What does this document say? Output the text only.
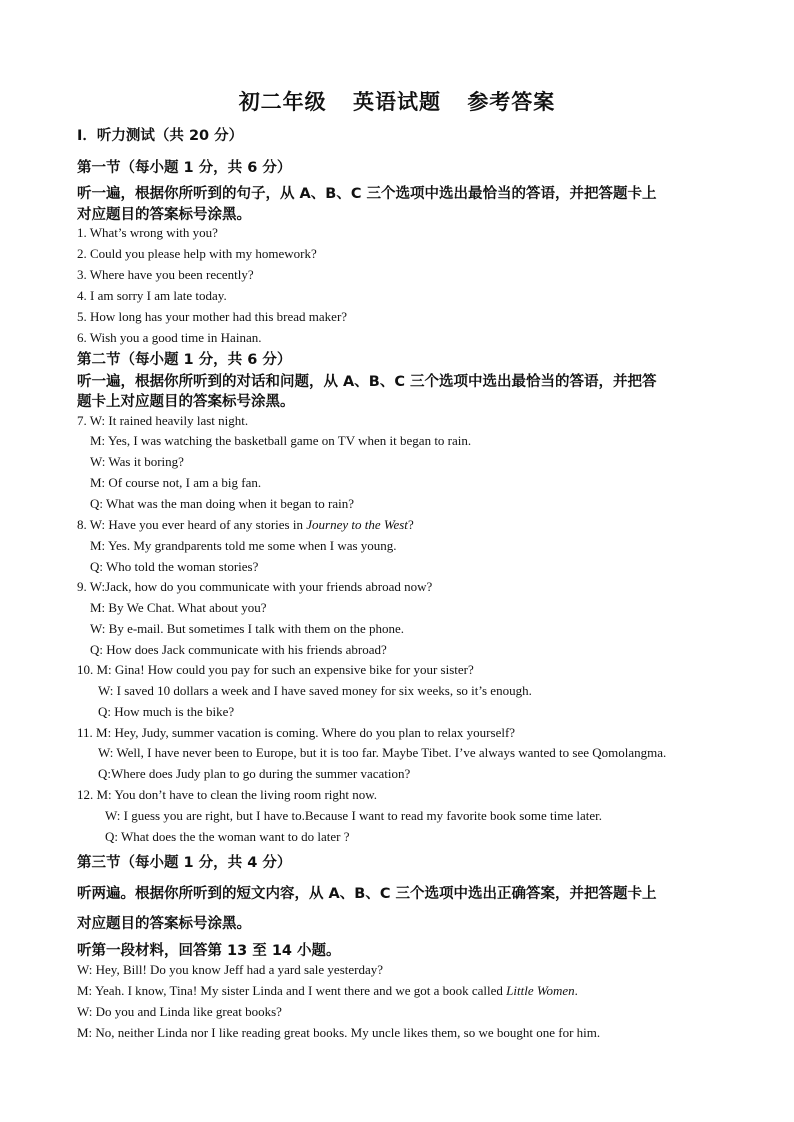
初二年级 英语试题 参考答案
I．听力测试（共 20 分）
第一节（每小题 1 分，共 6 分）
听一遍，根据你所听到的句子，从 A、B、C 三个选项中选出最恰当的答语，并把答题卡上
对应题目的答案标号涂黑。
1. What’s wrong with you?
2. Could you please help with my homework?
3. Where have you been recently?
4. I am sorry I am late today.
5. How long has your mother had this bread maker?
6. Wish you a good time in Hainan.
第二节（每小题 1 分，共 6 分）
听一遍，根据你所听到的对话和问题，从 A、B、C 三个选项中选出最恰当的答语，并把答
题卡上对应题目的答案标号涂黑。
7. W: It rained heavily last night.
M: Yes, I was watching the basketball game on TV when it began to rain.
W: Was it boring?
M: Of course not, I am a big fan.
Q: What was the man doing when it began to rain?
8. W: Have you ever heard of any stories in Journey to the West?
M: Yes. My grandparents told me some when I was young.
Q: Who told the woman stories?
9. W:Jack, how do you communicate with your friends abroad now?
M: By We Chat. What about you?
W: By e-mail. But sometimes I talk with them on the phone.
Q: How does Jack communicate with his friends abroad?
10. M: Gina! How could you pay for such an expensive bike for your sister?
W: I saved 10 dollars a week and I have saved money for six weeks, so it’s enough.
Q: How much is the bike?
11. M: Hey, Judy, summer vacation is coming. Where do you plan to relax yourself?
W: Well, I have never been to Europe, but it is too far. Maybe Tibet. I’ve always wanted to see Qomolangma.
Q:Where does Judy plan to go during the summer vacation?
12. M: You don’t have to clean the living room right now.
W: I guess you are right, but I have to.Because I want to read my favorite book some time later.
Q: What does the the woman want to do later ?
第三节（每小题 1 分，共 4 分）
听两遍。根据你所听到的短文内容，从 A、B、C 三个选项中选出正确答案，并把答题卡上
对应题目的答案标号涂黑。
听第一段材料，回答第 13 至 14 小题。
W: Hey, Bill! Do you know Jeff had a yard sale yesterday?
M: Yeah. I know, Tina! My sister Linda and I went there and we got a book called Little Women.
W: Do you and Linda like great books?
M: No, neither Linda nor I like reading great books. My uncle likes them, so we bought one for him.
